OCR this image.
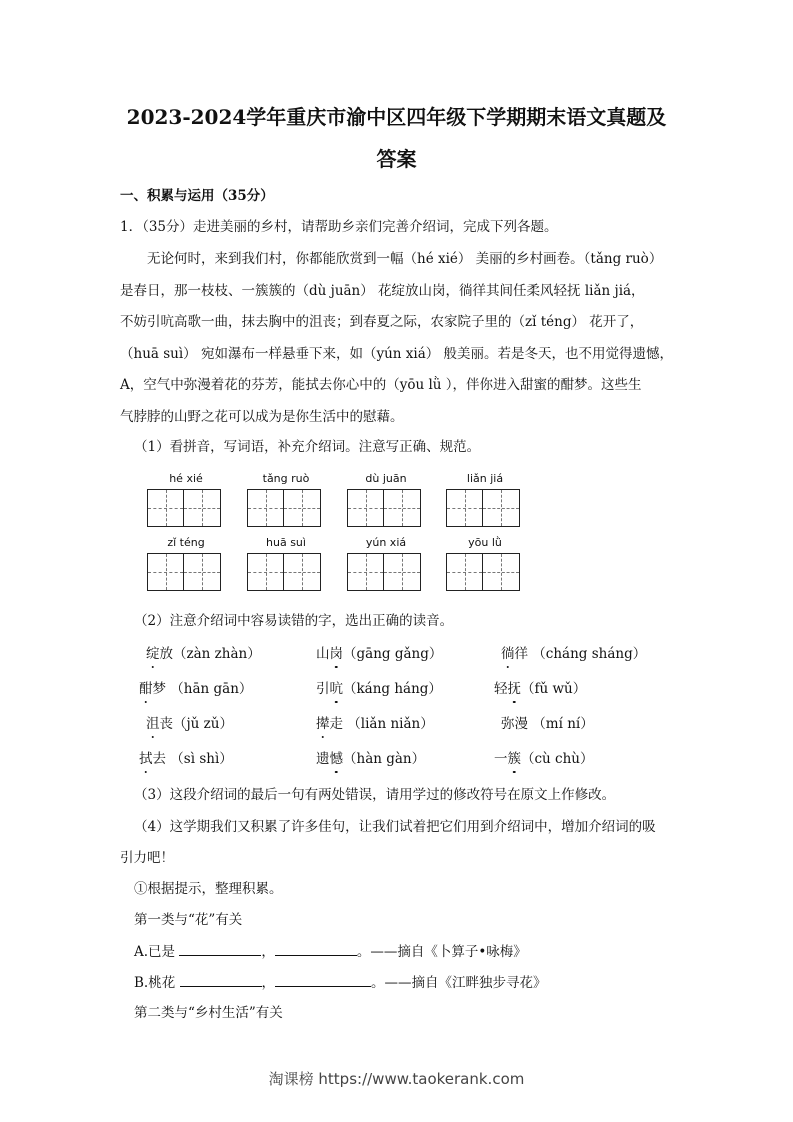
2023-2024学年重庆市渝中区四年级下学期期末语文真题及
答案
一、积累与运用（35分）
1．（35分）走进美丽的乡村，请帮助乡亲们完善介绍词，完成下列各题。

无论何时，来到我们村，你都能欣赏到一幅（hé xié） 美丽的乡村画卷。（tǎng ruò）

是春日，那一枝枝、一簇簇的（dù juān） 花绽放山岗，徜徉其间任柔风轻抚 liǎn jiá，

不妨引吭高歌一曲，抹去胸中的沮丧；到春夏之际，农家院子里的（zǐ téng） 花开了，

（huā suì） 宛如瀑布一样悬垂下来，如（yún xiá） 般美丽。若是冬天，也不用觉得遗憾，

A，空气中弥漫着花的芬芳，能拭去你心中的（yōu lǜ ），伴你进入甜蜜的酣梦。这些生

气脖脖的山野之花可以成为是你生活中的慰藉。

（1）看拼音，写词语，补充介绍词。注意写正确、规范。
hé xié	tǎng ruò	dù juān	liǎn jiá
zǐ téng	huā suì	yún xiá	yōu lǜ
（2）注意介绍词中容易读错的字，选出正确的读音。
绽放（zàn zhàn）	山岗（gāng gǎng）	徜徉 （cháng sháng）
酣梦 （hān gān）	引吭（káng háng）	轻抚（fǔ wǔ）
沮丧（jǔ zǔ）	撵走 （liǎn niǎn）	弥漫 （mí ní）
拭去 （sì shì）	遗憾（hàn gàn）	一簇（cù chù）
（3）这段介绍词的最后一句有两处错误，请用学过的修改符号在原文上作修改。
（4）这学期我们又积累了许多佳句，让我们试着把它们用到介绍词中，增加介绍词的吸
引力吧！
①根据提示，整理积累。
第一类与“花”有关
A.已是	，	。——摘自《卜算子•咏梅》
B.桃花	，	。——摘自《江畔独步寻花》
第二类与“乡村生活”有关
淘课榜 https://www.taokerank.com
